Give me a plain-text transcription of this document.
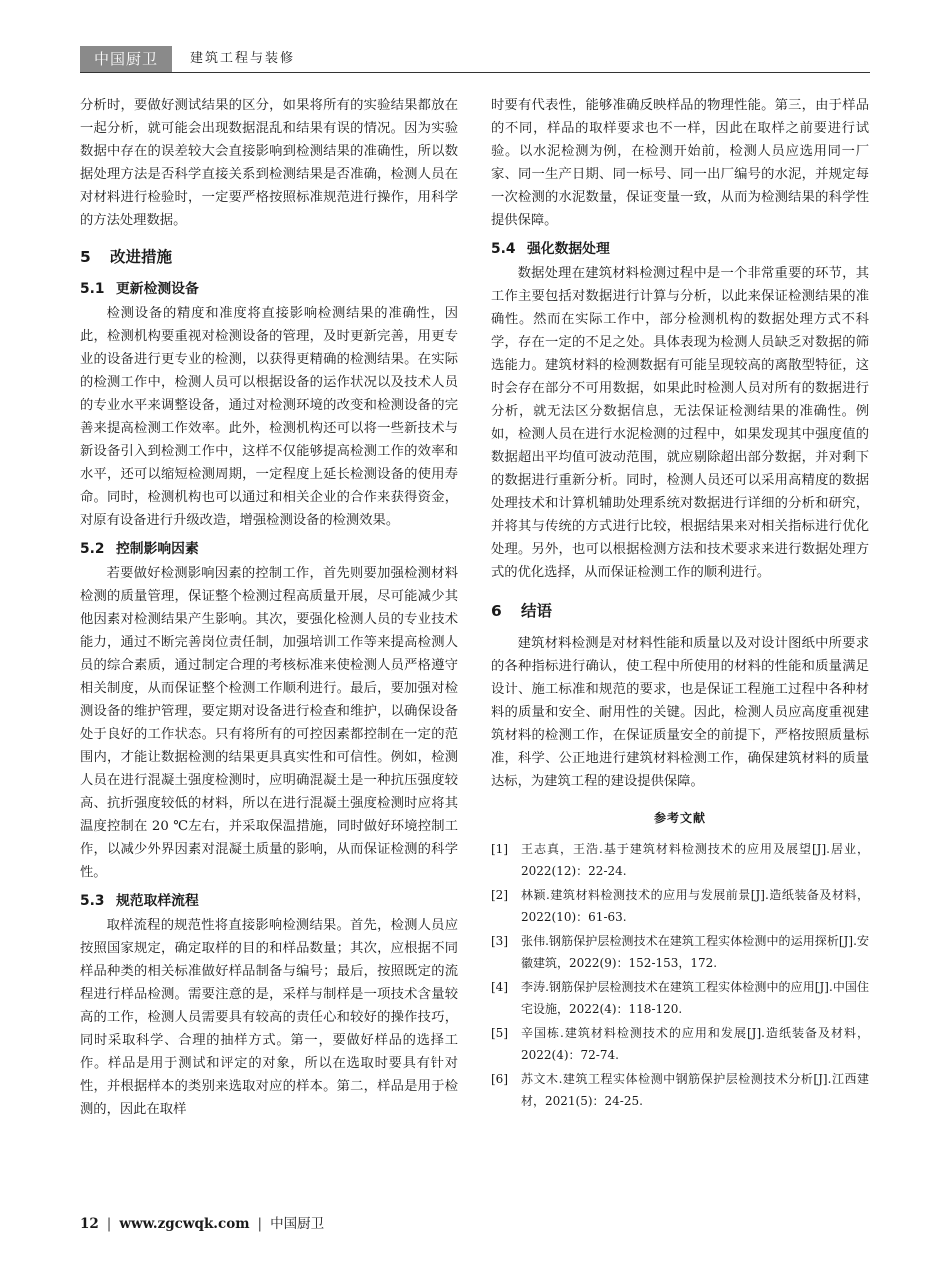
中国厨卫	建筑工程与装修

分析时，要做好测试结果的区分，如果将所有的实验结果都放在一起分析，就可能会出现数据混乱和结果有误的情况。因为实验数据中存在的误差较大会直接影响到检测结果的准确性，所以数据处理方法是否科学直接关系到检测结果是否准确，检测人员在对材料进行检验时，一定要严格按照标准规范进行操作，用科学的方法处理数据。

5 改进措施
5.1 更新检测设备

检测设备的精度和准度将直接影响检测结果的准确性，因此，检测机构要重视对检测设备的管理，及时更新完善，用更专业的设备进行更专业的检测，以获得更精确的检测结果。在实际的检测工作中，检测人员可以根据设备的运作状况以及技术人员的专业水平来调整设备，通过对检测环境的改变和检测设备的完善来提高检测工作效率。此外，检测机构还可以将一些新技术与新设备引入到检测工作中，这样不仅能够提高检测工作的效率和水平，还可以缩短检测周期，一定程度上延长检测设备的使用寿命。同时，检测机构也可以通过和相关企业的合作来获得资金，对原有设备进行升级改造，增强检测设备的检测效果。

5.2 控制影响因素

若要做好检测影响因素的控制工作，首先则要加强检测材料检测的质量管理，保证整个检测过程高质量开展，尽可能减少其他因素对检测结果产生影响。其次，要强化检测人员的专业技术能力，通过不断完善岗位责任制，加强培训工作等来提高检测人员的综合素质，通过制定合理的考核标准来使检测人员严格遵守相关制度，从而保证整个检测工作顺利进行。最后，要加强对检测设备的维护管理，要定期对设备进行检查和维护，以确保设备处于良好的工作状态。只有将所有的可控因素都控制在一定的范围内，才能让数据检测的结果更具真实性和可信性。例如，检测人员在进行混凝土强度检测时，应明确混凝土是一种抗压强度较高、抗折强度较低的材料，所以在进行混凝土强度检测时应将其温度控制在 20 ℃左右，并采取保温措施，同时做好环境控制工作，以减少外界因素对混凝土质量的影响，从而保证检测的科学性。

5.3 规范取样流程

取样流程的规范性将直接影响检测结果。首先，检测人员应按照国家规定，确定取样的目的和样品数量；其次，应根据不同样品种类的相关标准做好样品制备与编号；最后，按照既定的流程进行样品检测。需要注意的是，采样与制样是一项技术含量较高的工作，检测人员需要具有较高的责任心和较好的操作技巧，同时采取科学、合理的抽样方式。第一，要做好样品的选择工作。样品是用于测试和评定的对象，所以在选取时要具有针对性，并根据样本的类别来选取对应的样本。第二，样品是用于检测的，因此在取样

时要有代表性，能够准确反映样品的物理性能。第三，由于样品的不同，样品的取样要求也不一样，因此在取样之前要进行试验。以水泥检测为例，在检测开始前，检测人员应选用同一厂家、同一生产日期、同一标号、同一出厂编号的水泥，并规定每一次检测的水泥数量，保证变量一致，从而为检测结果的科学性提供保障。

5.4 强化数据处理

数据处理在建筑材料检测过程中是一个非常重要的环节，其工作主要包括对数据进行计算与分析，以此来保证检测结果的准确性。然而在实际工作中，部分检测机构的数据处理方式不科学，存在一定的不足之处。具体表现为检测人员缺乏对数据的筛选能力。建筑材料的检测数据有可能呈现较高的离散型特征，这时会存在部分不可用数据，如果此时检测人员对所有的数据进行分析，就无法区分数据信息，无法保证检测结果的准确性。例如，检测人员在进行水泥检测的过程中，如果发现其中强度值的数据超出平均值可波动范围，就应剔除超出部分数据，并对剩下的数据进行重新分析。同时，检测人员还可以采用高精度的数据处理技术和计算机辅助处理系统对数据进行详细的分析和研究，并将其与传统的方式进行比较，根据结果来对相关指标进行优化处理。另外，也可以根据检测方法和技术要求来进行数据处理方式的优化选择，从而保证检测工作的顺利进行。

6 结语

建筑材料检测是对材料性能和质量以及对设计图纸中所要求的各种指标进行确认，使工程中所使用的材料的性能和质量满足设计、施工标准和规范的要求，也是保证工程施工过程中各种材料的质量和安全、耐用性的关键。因此，检测人员应高度重视建筑材料的检测工作，在保证质量安全的前提下，严格按照质量标准，科学、公正地进行建筑材料检测工作，确保建筑材料的质量达标，为建筑工程的建设提供保障。

参考文献
[1]	王志真，王浩.基于建筑材料检测技术的应用及展望[J].居业，2022(12)：22-24.
[2]	林颖.建筑材料检测技术的应用与发展前景[J].造纸装备及材料，2022(10)：61-63.
[3]	张伟.钢筋保护层检测技术在建筑工程实体检测中的运用探析[J].安徽建筑，2022(9)：152-153，172.
[4]	李涛.钢筋保护层检测技术在建筑工程实体检测中的应用[J].中国住宅设施，2022(4)：118-120.
[5]	辛国栋.建筑材料检测技术的应用和发展[J].造纸装备及材料，2022(4)：72-74.
[6]	苏文木.建筑工程实体检测中钢筋保护层检测技术分析[J].江西建材，2021(5)：24-25.
12 | www.zgcwqk.com | 中国厨卫
